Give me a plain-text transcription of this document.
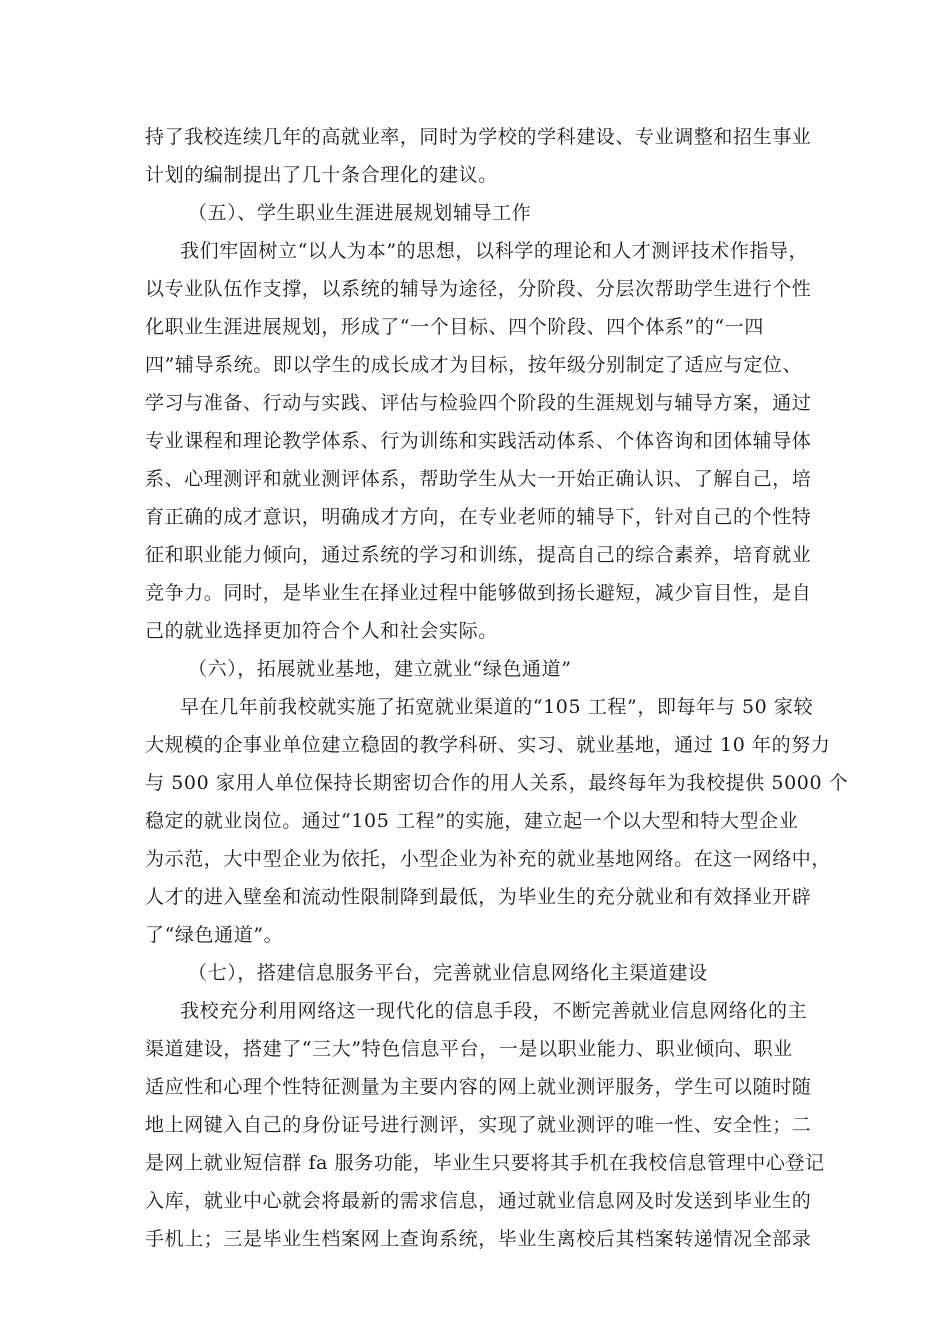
持了我校连续几年的高就业率，同时为学校的学科建设、专业调整和招生事业
计划的编制提出了几十条合理化的建议。
（五）、学生职业生涯进展规划辅导工作
我们牢固树立“以人为本”的思想，以科学的理论和人才测评技术作指导，
以专业队伍作支撑，以系统的辅导为途径，分阶段、分层次帮助学生进行个性
化职业生涯进展规划，形成了“一个目标、四个阶段、四个体系”的“一四
四”辅导系统。即以学生的成长成才为目标，按年级分别制定了适应与定位、
学习与准备、行动与实践、评估与检验四个阶段的生涯规划与辅导方案，通过
专业课程和理论教学体系、行为训练和实践活动体系、个体咨询和团体辅导体
系、心理测评和就业测评体系，帮助学生从大一开始正确认识、了解自己，培
育正确的成才意识，明确成才方向，在专业老师的辅导下，针对自己的个性特
征和职业能力倾向，通过系统的学习和训练，提高自己的综合素养，培育就业
竞争力。同时，是毕业生在择业过程中能够做到扬长避短，减少盲目性，是自
己的就业选择更加符合个人和社会实际。
（六），拓展就业基地，建立就业“绿色通道”
早在几年前我校就实施了拓宽就业渠道的“105 工程”，即每年与 50 家较
大规模的企事业单位建立稳固的教学科研、实习、就业基地，通过 10 年的努力
与 500 家用人单位保持长期密切合作的用人关系，最终每年为我校提供 5000 个
稳定的就业岗位。通过“105 工程”的实施，建立起一个以大型和特大型企业
为示范，大中型企业为依托，小型企业为补充的就业基地网络。在这一网络中，
人才的进入壁垒和流动性限制降到最低，为毕业生的充分就业和有效择业开辟
了“绿色通道”。
（七），搭建信息服务平台，完善就业信息网络化主渠道建设
我校充分利用网络这一现代化的信息手段，不断完善就业信息网络化的主
渠道建设，搭建了“三大”特色信息平台，一是以职业能力、职业倾向、职业
适应性和心理个性特征测量为主要内容的网上就业测评服务，学生可以随时随
地上网键入自己的身份证号进行测评，实现了就业测评的唯一性、安全性；二
是网上就业短信群 fa 服务功能，毕业生只要将其手机在我校信息管理中心登记
入库，就业中心就会将最新的需求信息，通过就业信息网及时发送到毕业生的
手机上；三是毕业生档案网上查询系统，毕业生离校后其档案转递情况全部录
